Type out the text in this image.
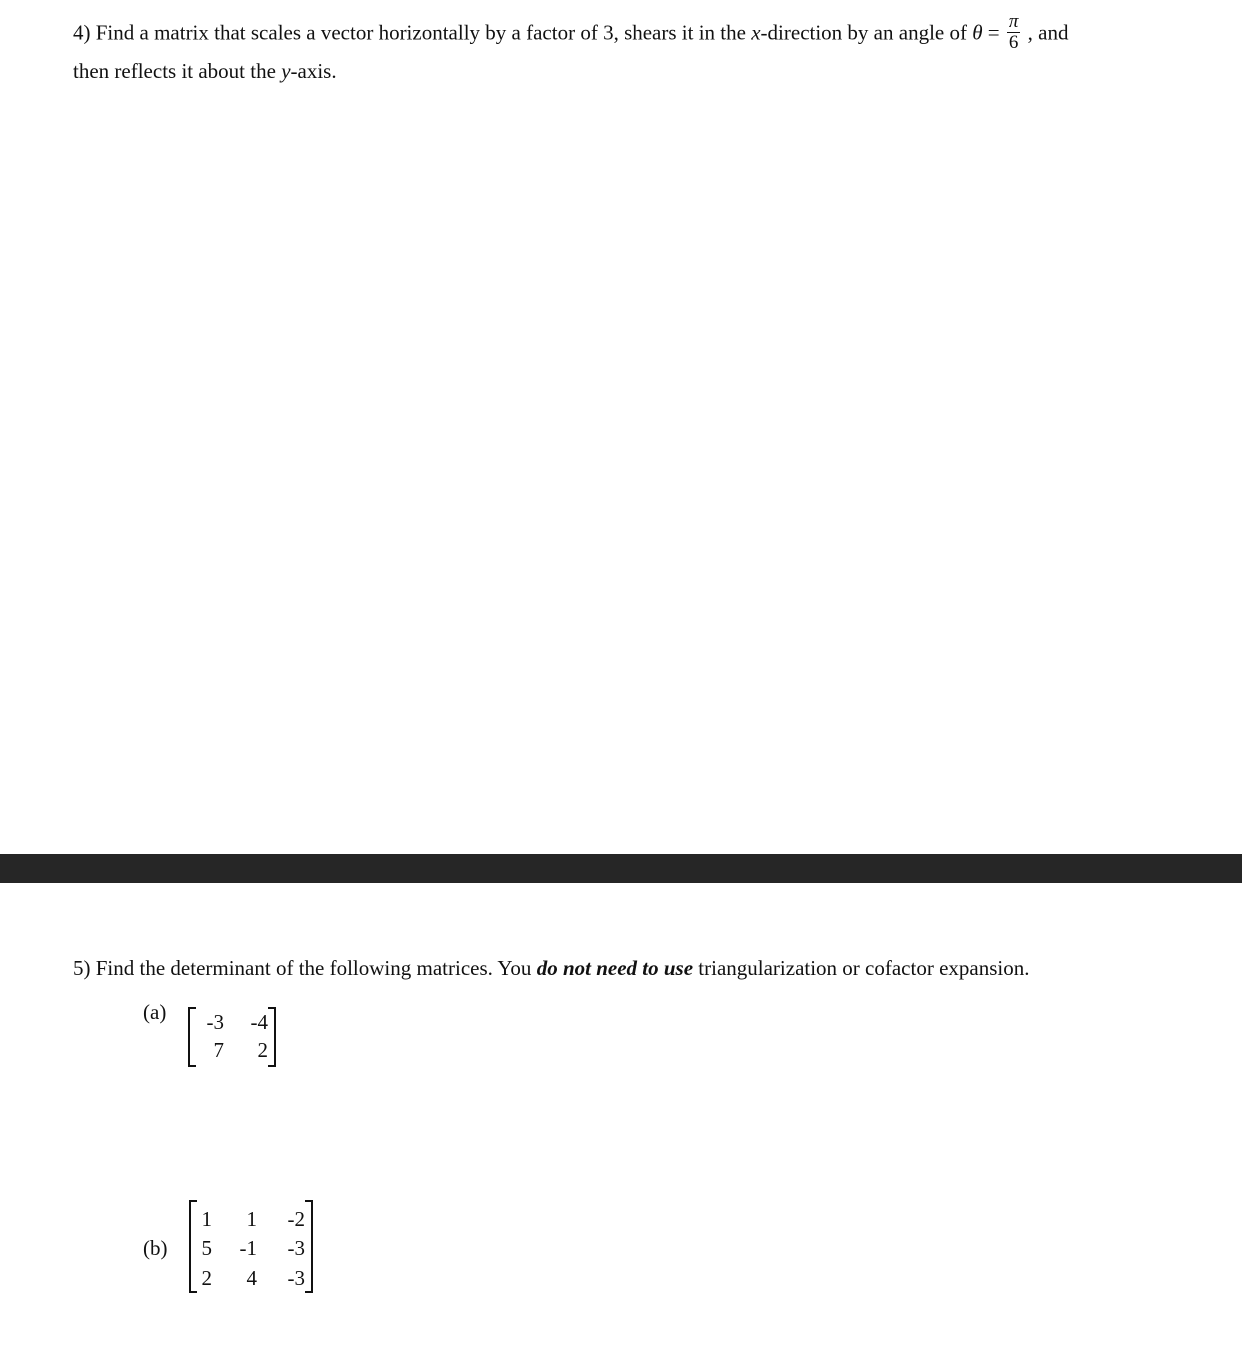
4) Find a matrix that scales a vector horizontally by a factor of 3, shears it in the x-direction by an angle of $\theta = \frac{\pi}{6}$ , and
then reflects it about the y-axis.
5) Find the determinant of the following matrices. You do not need to use triangularization or cofactor expansion.
(a)	-3	-4
7	2
(b)
1	1	-2
5	-1	-3
2	4	-3
